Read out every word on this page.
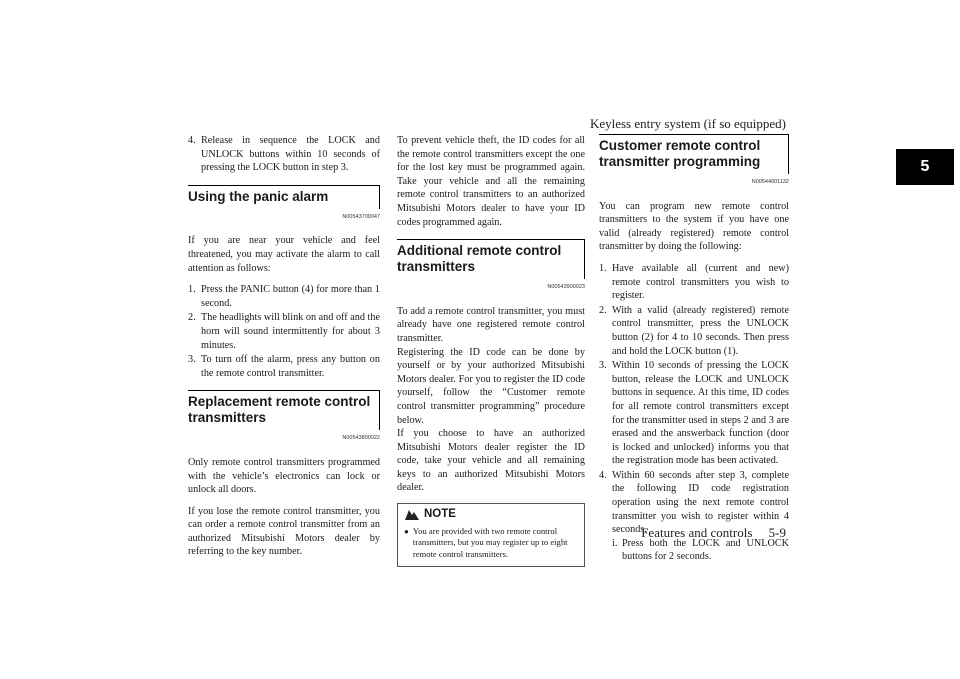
Keyless entry system (if so equipped)
5
4. Release in sequence the LOCK and UNLOCK buttons within 10 seconds of pressing the LOCK button in step 3.
Using the panic alarm
N00543700047

If you are near your vehicle and feel threatened, you may activate the alarm to call attention as follows:

1. Press the PANIC button (4) for more than 1 second.
2. The headlights will blink on and off and the horn will sound intermittently for about 3 minutes.
3. To turn off the alarm, press any button on the remote control transmitter.
Replacement remote control transmitters
N00543800022

Only remote control transmitters programmed with the vehicle’s electronics can lock or unlock all doors.

If you lose the remote control transmitter, you can order a remote control transmitter from an authorized Mitsubishi Motors dealer by referring to the key number.

To prevent vehicle theft, the ID codes for all the remote control transmitters except the one for the lost key must be programmed again. Take your vehicle and all the remaining remote control transmitters to an authorized Mitsubishi Motors dealer to have your ID codes programmed again.

Additional remote control transmitters
N00543900023

To add a remote control transmitter, you must already have one registered remote control transmitter.

Registering the ID code can be done by yourself or by your authorized Mitsubishi Motors dealer. For you to register the ID code yourself, follow the “Customer remote control transmitter programming” procedure below.

If you choose to have an authorized Mitsubishi Motors dealer register the ID code, take your vehicle and all remaining keys to an authorized Mitsubishi Motors dealer.

NOTE
● You are provided with two remote control transmitters, but you may register up to eight remote control transmitters.
Customer remote control transmitter programming
N00544001132

You can program new remote control transmitters to the system if you have one valid (already registered) remote control transmitter by doing the following:

1. Have available all (current and new) remote control transmitters you wish to register.
2. With a valid (already registered) remote control transmitter, press the UNLOCK button (2) for 4 to 10 seconds. Then press and hold the LOCK button (1).
3. Within 10 seconds of pressing the LOCK button, release the LOCK and UNLOCK buttons in sequence. At this time, ID codes for all remote control transmitters except for the transmitter used in steps 2 and 3 are erased and the answerback function (door is locked and unlocked) informs you that the registration mode has been activated.
4. Within 60 seconds after step 3, complete the following ID code registration operation using the next remote control transmitter you wish to register within 4 seconds.
i. Press both the LOCK and UNLOCK buttons for 2 seconds.
Features and controls 5-9
